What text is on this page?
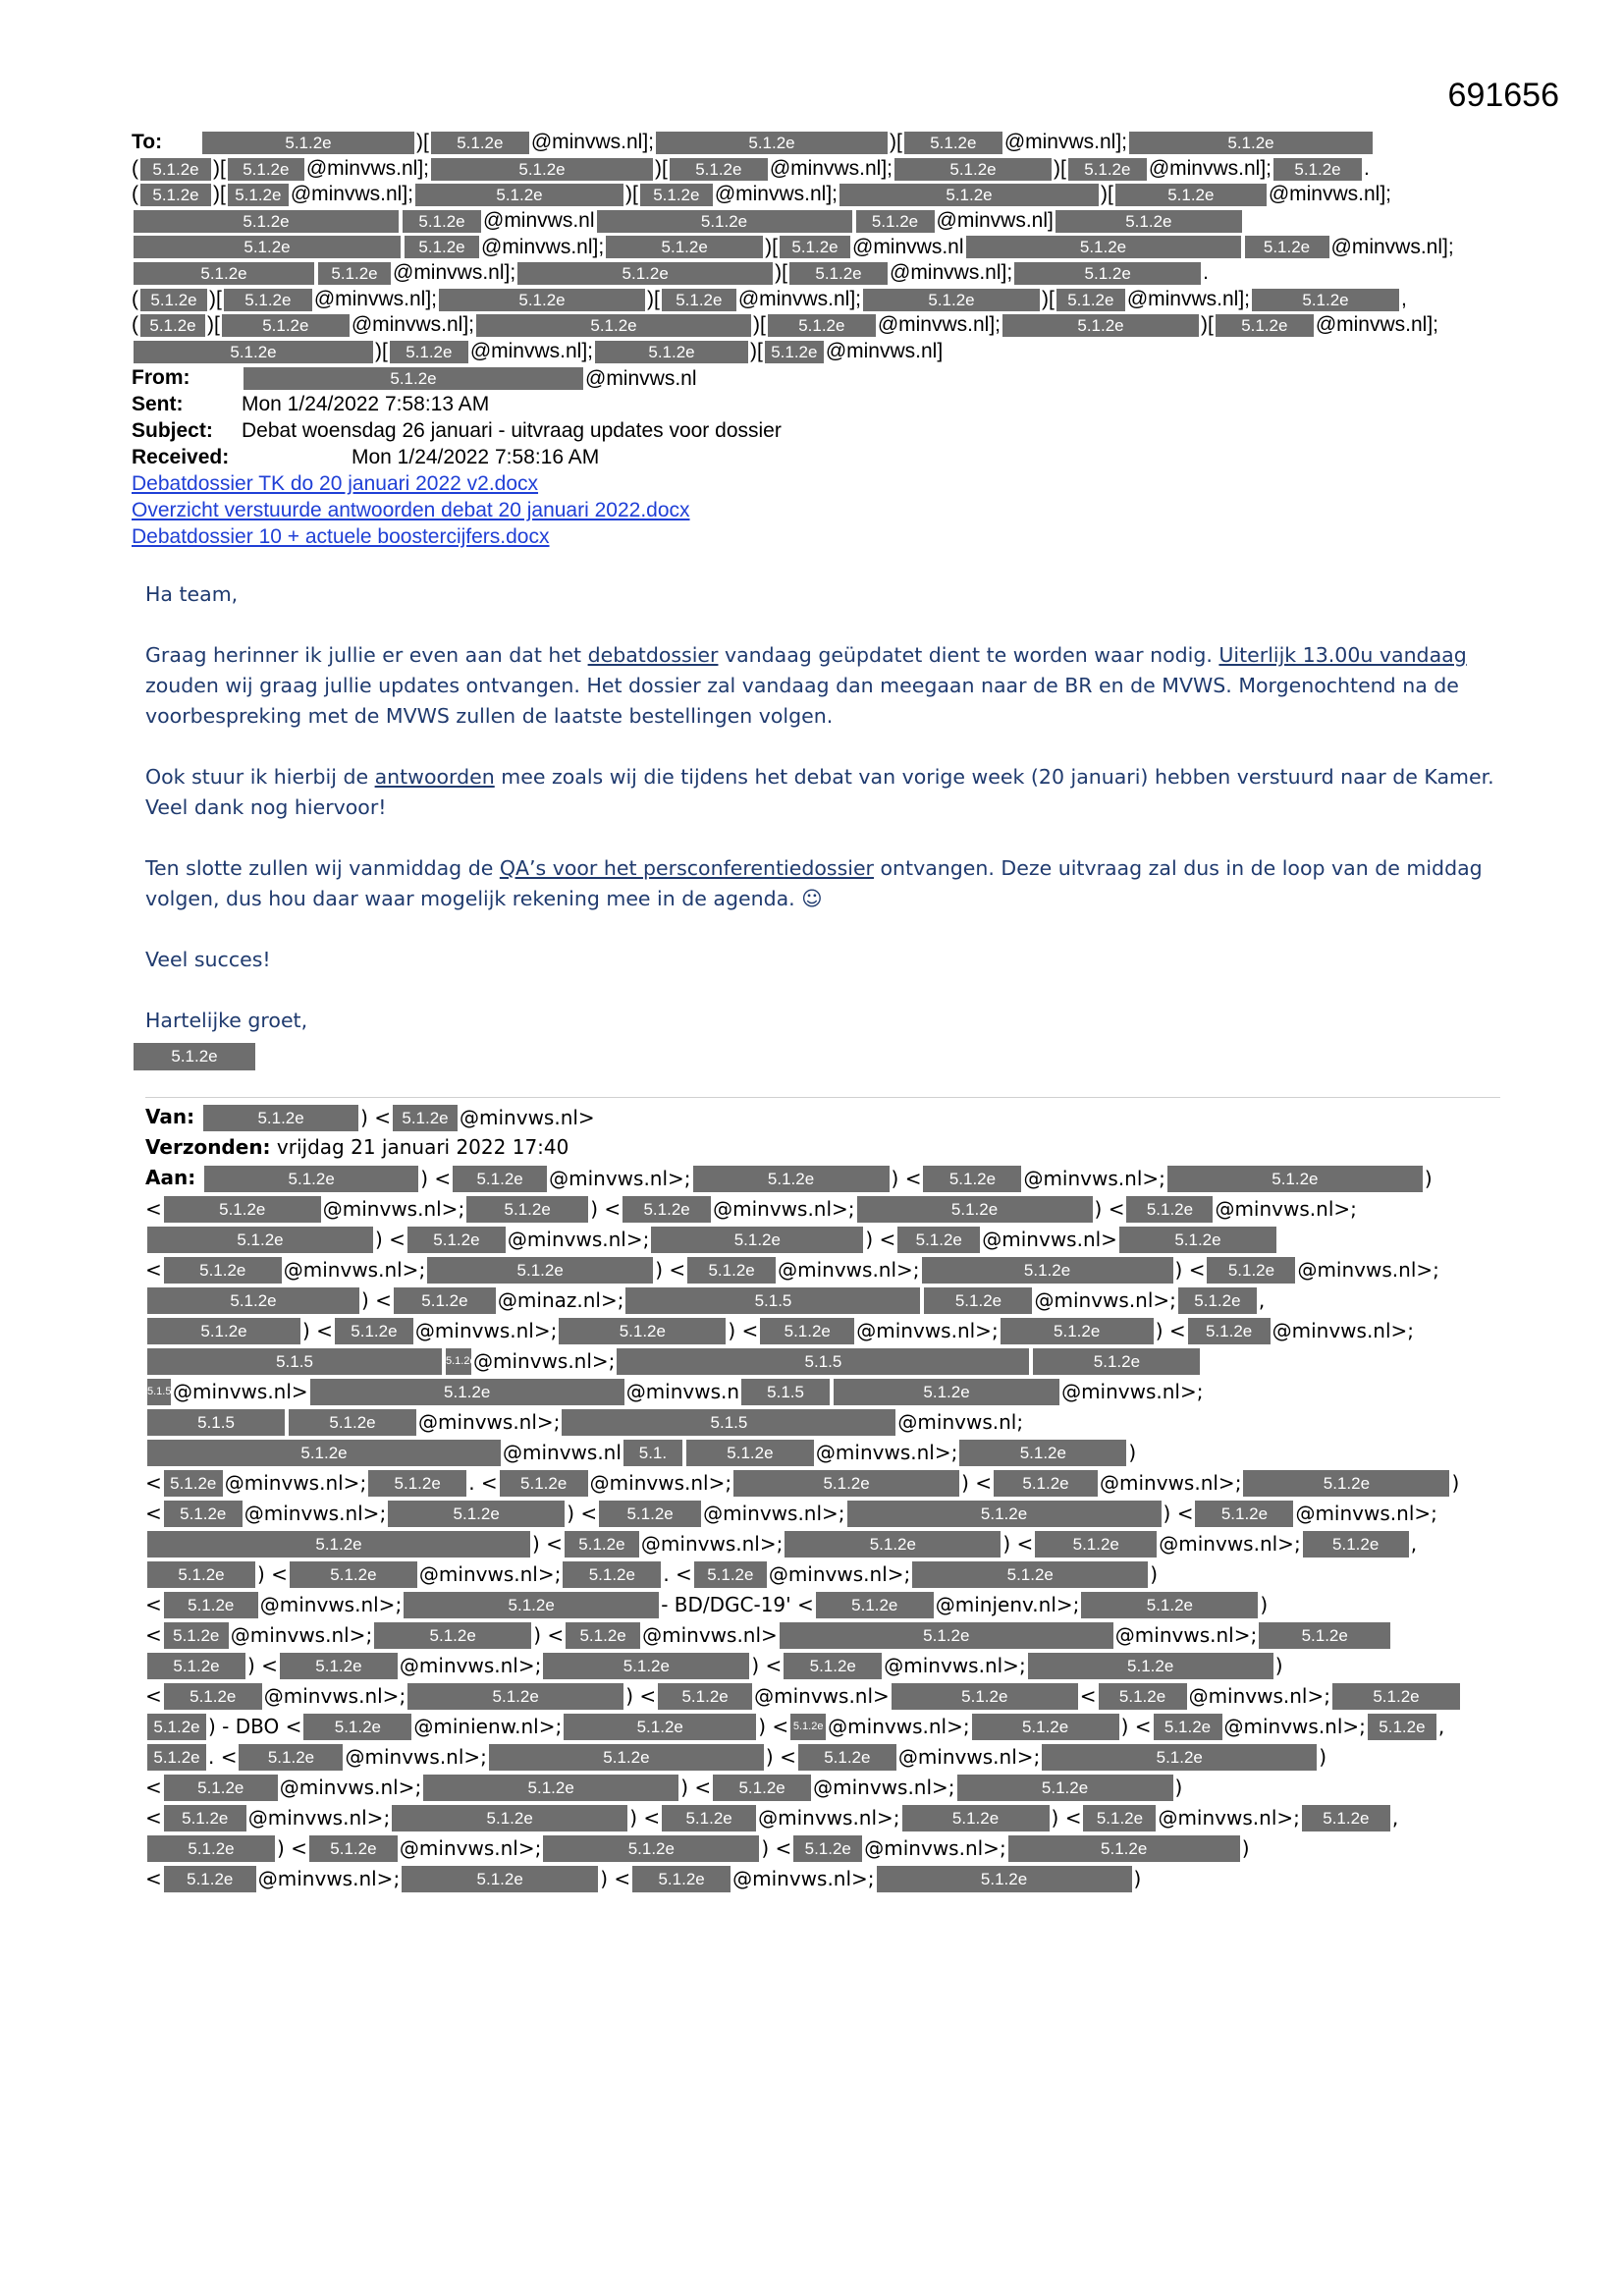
691656
To:	5.1.2e	)[ 5.1.2e @minvws.nl];	5.1.2e	)[ 5.1.2e @minvws.nl];	5.1.2e
( 5.1.2e )[ 5.1.2e @minvws.nl];	5.1.2e	)[ 5.1.2e @minvws.nl];	5.1.2e	)[ 5.1.2e @minvws.nl]; 5.1.2e .
( 5.1.2e )[ 5.1.2e @minvws.nl];	5.1.2e	)[ 5.1.2e @minvws.nl];	5.1.2e	)[	5.1.2e	@minvws.nl];
5.1.2e	5.1.2e @minvws.nl	5.1.2e	5.1.2e @minvws.nl]	5.1.2e
5.1.2e	5.1.2e @minvws.nl];	5.1.2e	)[ 5.1.2e @minvws.nl	5.1.2e	5.1.2e @minvws.nl];
5.1.2e	5.1.2e @minvws.nl];	5.1.2e	)[ 5.1.2e @minvws.nl];	5.1.2e	.
( 5.1.2e )[ 5.1.2e @minvws.nl];	5.1.2e	)[ 5.1.2e @minvws.nl];	5.1.2e	)[ 5.1.2e @minvws.nl];	5.1.2e	,
( 5.1.2e )[	5.1.2e @minvws.nl];	5.1.2e	)[ 5.1.2e @minvws.nl];	5.1.2e	)[ 5.1.2e @minvws.nl];
5.1.2e	)[ 5.1.2e @minvws.nl];	5.1.2e	)[ 5.1.2e @minvws.nl]
From:	5.1.2e	@minvws.nl
Sent:	Mon 1/24/2022 7:58:13 AM
Subject: Debat woensdag 26 januari - uitvraag updates voor dossier
Received:	Mon 1/24/2022 7:58:16 AM
Debatdossier TK do 20 januari 2022 v2.docx
Overzicht verstuurde antwoorden debat 20 januari 2022.docx
Debatdossier 10 + actuele boostercijfers.docx

Ha team,

Graag herinner ik jullie er even aan dat het debatdossier vandaag geüpdatet dient te worden waar nodig. Uiterlijk 13.00u vandaag zouden wij graag jullie updates ontvangen. Het dossier zal vandaag dan meegaan naar de BR en de MVWS. Morgenochtend na de voorbespreking met de MVWS zullen de laatste bestellingen volgen.

Ook stuur ik hierbij de antwoorden mee zoals wij die tijdens het debat van vorige week (20 januari) hebben verstuurd naar de Kamer. Veel dank nog hiervoor!

Ten slotte zullen wij vanmiddag de QA’s voor het persconferentiedossier ontvangen. Deze uitvraag zal dus in de loop van de middag volgen, dus hou daar waar mogelijk rekening mee in de agenda. ☺

Veel succes!

Hartelijke groet,
5.1.2e
Van:	5.1.2e	) < 5.1.2e @minvws.nl>
Verzonden: vrijdag 21 januari 2022 17:40
Aan:	5.1.2e	) < 5.1.2e @minvws.nl>;	5.1.2e	) < 5.1.2e @minvws.nl>;	5.1.2e	)
<	5.1.2e	@minvws.nl>; 5.1.2e ) < 5.1.2e @minvws.nl>;	5.1.2e	) < 5.1.2e @minvws.nl>;
5.1.2e	) < 5.1.2e @minvws.nl>;	5.1.2e	) < 5.1.2e @minvws.nl>	5.1.2e
< 5.1.2e @minvws.nl>;	5.1.2e	) < 5.1.2e @minvws.nl>;	5.1.2e	) < 5.1.2e @minvws.nl>;
5.1.2e	) < 5.1.2e @minaz.nl>;	5.1.5	5.1.2e @minvws.nl>; 5.1.2e ,
5.1.2e	) < 5.1.2e @minvws.nl>;	5.1.2e	) < 5.1.2e @minvws.nl>;	5.1.2e	) < 5.1.2e @minvws.nl>;
5.1.5	5.1.2e@minvws.nl>;	5.1.5	5.1.2e
5.1.5@minvws.nl>	5.1.2e	@minvws.n 5.1.5	5.1.2e	@minvws.nl>;
5.1.5	5.1.2e @minvws.nl>;	5.1.5	@minvws.nl;
5.1.2e	@minvws.nl 5.1.	5.1.2e @minvws.nl>;	5.1.2e	)
< 5.1.2e @minvws.nl>; 5.1.2e . < 5.1.2e @minvws.nl>;	5.1.2e	) < 5.1.2e @minvws.nl>;	5.1.2e	)
< 5.1.2e @minvws.nl>;	5.1.2e	) < 5.1.2e @minvws.nl>;	5.1.2e	) < 5.1.2e @minvws.nl>;
5.1.2e	) < 5.1.2e @minvws.nl>;	5.1.2e	) < 5.1.2e @minvws.nl>; 5.1.2e ,
5.1.2e ) <	5.1.2e @minvws.nl>; 5.1.2e . < 5.1.2e @minvws.nl>;	5.1.2e	)
< 5.1.2e @minvws.nl>;	5.1.2e	- BD/DGC-19' < 5.1.2e @minjenv.nl>;	5.1.2e	)
< 5.1.2e @minvws.nl>;	5.1.2e	) < 5.1.2e @minvws.nl>	5.1.2e	@minvws.nl>;	5.1.2e
5.1.2e ) < 5.1.2e @minvws.nl>;	5.1.2e	) < 5.1.2e @minvws.nl>;	5.1.2e	)
< 5.1.2e @minvws.nl>;	5.1.2e	) < 5.1.2e @minvws.nl>	5.1.2e	< 5.1.2e @minvws.nl>;	5.1.2e
5.1.2e ) - DBO < 5.1.2e @minienw.nl>;	5.1.2e	) < 5.1.2e @minvws.nl>;	5.1.2e	) < 5.1.2e @minvws.nl>; 5.1.2e ,
5.1.2e . < 5.1.2e @minvws.nl>;	5.1.2e	) < 5.1.2e @minvws.nl>;	5.1.2e	)
< 5.1.2e @minvws.nl>;	5.1.2e	) < 5.1.2e @minvws.nl>;	5.1.2e	)
< 5.1.2e @minvws.nl>;	5.1.2e	) < 5.1.2e @minvws.nl>;	5.1.2e	) < 5.1.2e @minvws.nl>; 5.1.2e ,
5.1.2e ) < 5.1.2e @minvws.nl>;	5.1.2e	) < 5.1.2e @minvws.nl>;	5.1.2e	)
< 5.1.2e @minvws.nl>;	5.1.2e	) < 5.1.2e @minvws.nl>;	5.1.2e	)
